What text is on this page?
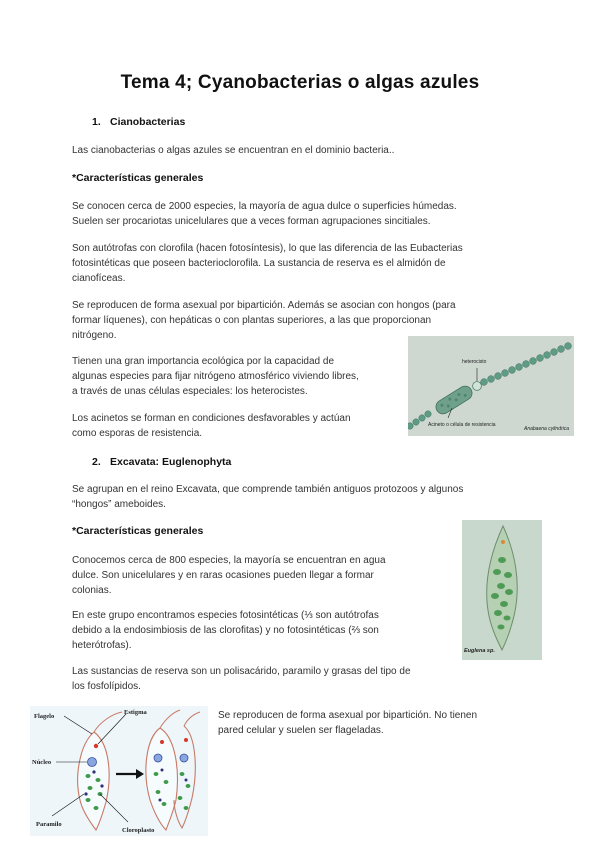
Tema 4; Cyanobacterias o algas azules
1. Cianobacterias
Las cianobacterias o algas azules se encuentran en el dominio bacteria..
*Características generales
Se conocen cerca de 2000 especies, la mayoría de agua dulce o superficies húmedas.
Suelen ser procariotas unicelulares que a veces forman agrupaciones sincitiales.
Son autótrofas con clorofila (hacen fotosíntesis), lo que las diferencia de las Eubacterias
fotosintéticas que poseen bacterioclorofila. La sustancia de reserva es el almidón de
cianofíceas.
Se reproducen de forma asexual por bipartición. Además se asocian con hongos (para
formar líquenes), con hepáticas o con plantas superiores, a las que proporcionan
nitrógeno.
Tienen una gran importancia ecológica por la capacidad de
algunas especies para fijar nitrógeno atmosférico viviendo libres,
a través de unas células especiales: los heterocistes.
Los acinetos se forman en condiciones desfavorables y actúan
como esporas de resistencia.
heterocisto
Acineto o célula de resistencia
Anabaena cylindrica
2. Excavata: Euglenophyta
Se agrupan en el reino Excavata, que comprende también antiguos protozoos y algunos
“hongos” ameboides.
*Características generales
Conocemos cerca de 800 especies, la mayoría se encuentran en agua
dulce. Son unicelulares y en raras ocasiones pueden llegar a formar
colonias.
En este grupo encontramos especies fotosintéticas (⅓ son autótrofas
debido a la endosimbiosis de las clorofitas) y no fotosintéticas (⅔ son
heterótrofas).
Las sustancias de reserva son un polisacárido, paramilo y grasas del tipo de
los fosfolípidos.
Se reproducen de forma asexual por bipartición. No tienen
pared celular y suelen ser flageladas.
Euglena sp.
Flagelo
Estigma
Núcleo
Paramilo
Cloroplasto
